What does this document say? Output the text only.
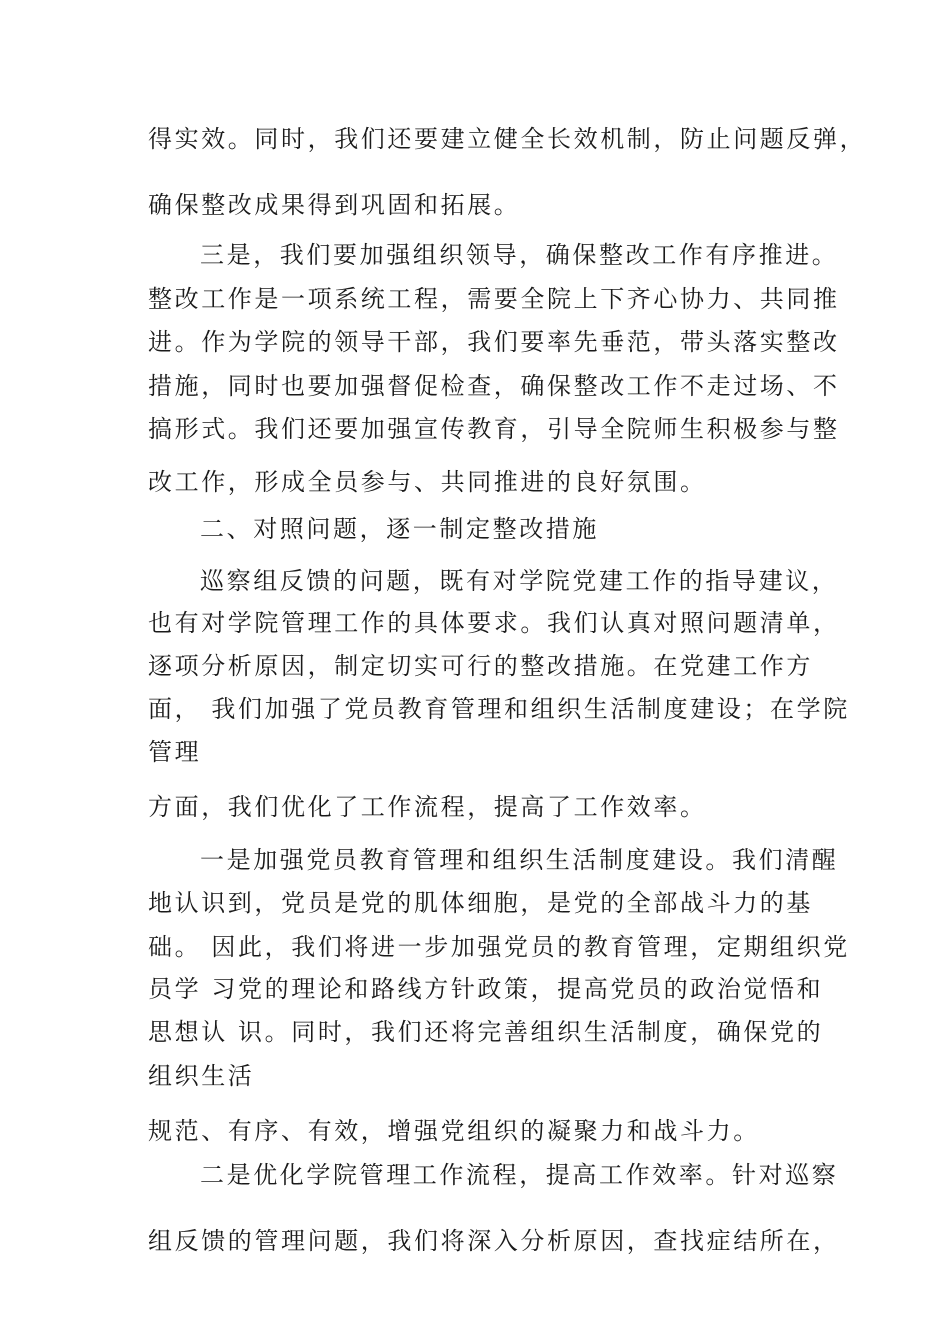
得实效。同时，我们还要建立健全长效机制，防止问题反弹，
确保整改成果得到巩固和拓展。
三是，我们要加强组织领导，确保整改工作有序推进。
整改工作是一项系统工程，需要全院上下齐心协力、共同推
进。作为学院的领导干部，我们要率先垂范，带头落实整改
措施，同时也要加强督促检查，确保整改工作不走过场、不
搞形式。我们还要加强宣传教育，引导全院师生积极参与整
改工作，形成全员参与、共同推进的良好氛围。
二、对照问题，逐一制定整改措施
巡察组反馈的问题，既有对学院党建工作的指导建议，
也有对学院管理工作的具体要求。我们认真对照问题清单，
逐项分析原因，制定切实可行的整改措施。在党建工作方
面， 我们加强了党员教育管理和组织生活制度建设；在学院
管理
方面，我们优化了工作流程，提高了工作效率。
一是加强党员教育管理和组织生活制度建设。我们清醒
地认识到，党员是党的肌体细胞，是党的全部战斗力的基
础。 因此，我们将进一步加强党员的教育管理，定期组织党
员学 习党的理论和路线方针政策，提高党员的政治觉悟和
思想认 识。同时，我们还将完善组织生活制度，确保党的
组织生活
规范、有序、有效，增强党组织的凝聚力和战斗力。
二是优化学院管理工作流程，提高工作效率。针对巡察
组反馈的管理问题，我们将深入分析原因，查找症结所在，
